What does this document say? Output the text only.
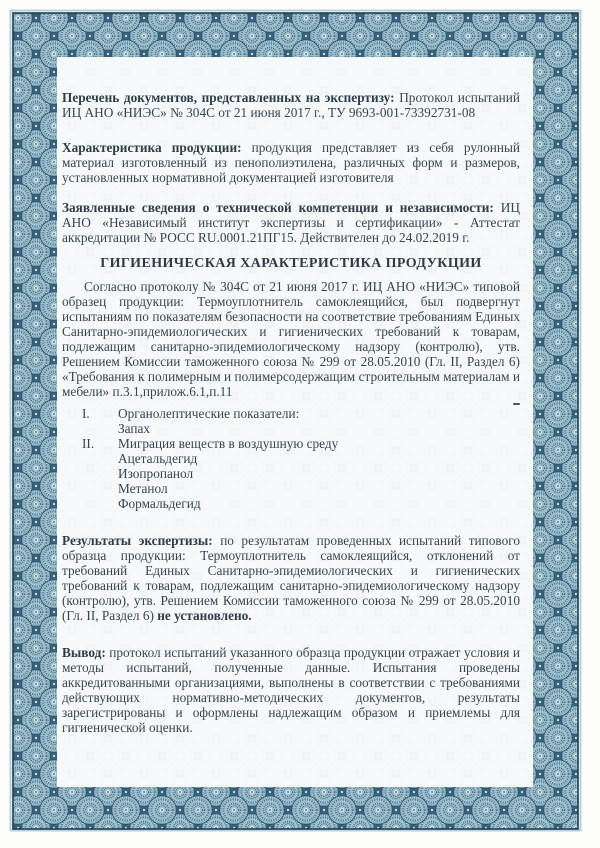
Перечень документов, представленных на экспертизу: Протокол испытаний ИЦ АНО «НИЭС» № 304С от 21 июня 2017 г., ТУ 9693-001-73392731-08

Характеристика продукции: продукция представляет из себя рулонный материал изготовленный из пенополиэтилена, различных форм и размеров, установленных нормативной документацией изготовителя

Заявленные сведения о технической компетенции и независимости: ИЦ АНО «Независимый институт экспертизы и сертификации» - Аттестат аккредитации № РОСС RU.0001.21ПГ15. Действителен до 24.02.2019 г.

ГИГИЕНИЧЕСКАЯ ХАРАКТЕРИСТИКА ПРОДУКЦИИ

Согласно протоколу № 304С от 21 июня 2017 г. ИЦ АНО «НИЭС» типовой образец продукции: Термоуплотнитель самоклеящийся, был подвергнут испытаниям по показателям безопасности на соответствие требованиям Единых Санитарно-эпидемиологических и гигиенических требований к товарам, подлежащим санитарно-эпидемиологическому надзору (контролю), утв. Решением Комиссии таможенного союза № 299 от 28.05.2010 (Гл. II, Раздел 6) «Требования к полимерным и полимерсодержащим строительным материалам и мебели» п.3.1,прилож.6.1,п.11

I. Органолептические показатели:
Запах
II. Миграция веществ в воздушную среду
Ацетальдегид
Изопропанол
Метанол
Формальдегид

Результаты экспертизы: по результатам проведенных испытаний типового образца продукции: Термоуплотнитель самоклеящийся, отклонений от требований Единых Санитарно-эпидемиологических и гигиенических требований к товарам, подлежащим санитарно-эпидемиологическому надзору (контролю), утв. Решением Комиссии таможенного союза № 299 от 28.05.2010 (Гл. II, Раздел 6) не установлено.

Вывод: протокол испытаний указанного образца продукции отражает условия и методы испытаний, полученные данные. Испытания проведены аккредитованными организациями, выполнены в соответствии с требованиями действующих нормативно-методических документов, результаты зарегистрированы и оформлены надлежащим образом и приемлемы для гигиенической оценки.
